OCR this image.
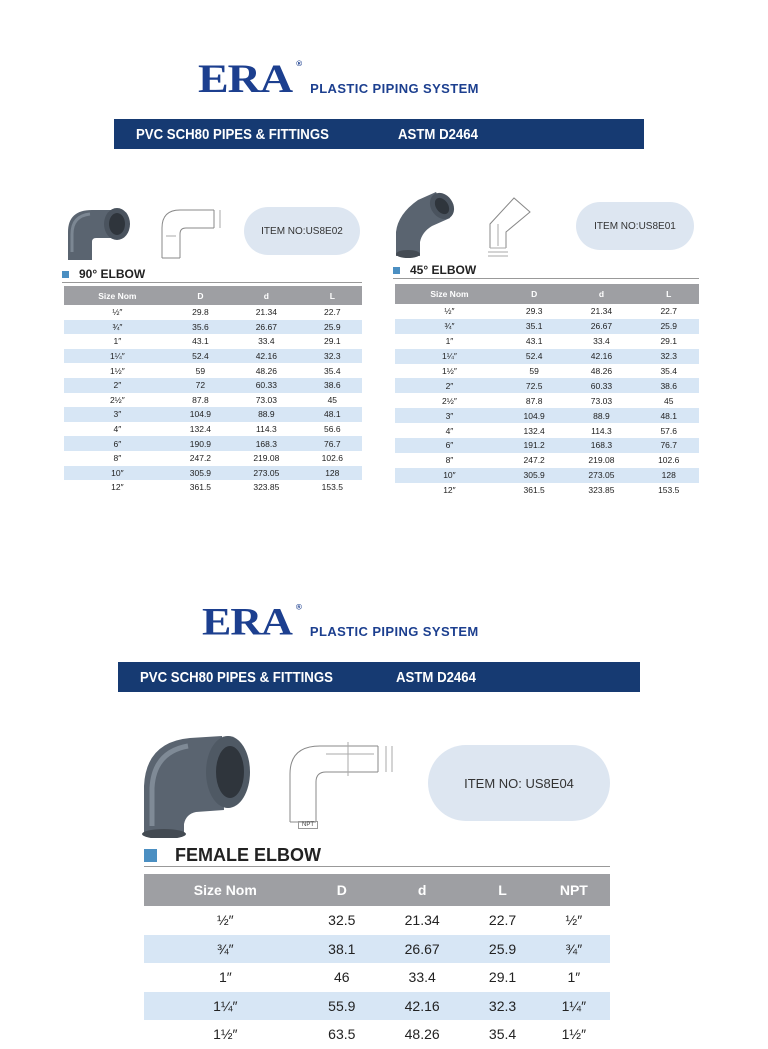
ERA ®
PLASTIC PIPING SYSTEM
PVC SCH80 PIPES & FITTINGS	ASTM D2464
ITEM NO:US8E02
90° ELBOW
Size Nom	D	d	L
½″	29.8	21.34	22.7
¾″	35.6	26.67	25.9
1″	43.1	33.4	29.1
1¼″	52.4	42.16	32.3
1½″	59	48.26	35.4
2″	72	60.33	38.6
2½″	87.8	73.03	45
3″	104.9	88.9	48.1
4″	132.4	114.3	56.6
6″	190.9	168.3	76.7
8″	247.2	219.08	102.6
10″	305.9	273.05	128
12″	361.5	323.85	153.5
ITEM NO:US8E01
45° ELBOW
Size Nom	D	d	L
½″	29.3	21.34	22.7
¾″	35.1	26.67	25.9
1″	43.1	33.4	29.1
1¼″	52.4	42.16	32.3
1½″	59	48.26	35.4
2″	72.5	60.33	38.6
2½″	87.8	73.03	45
3″	104.9	88.9	48.1
4″	132.4	114.3	57.6
6″	191.2	168.3	76.7
8″	247.2	219.08	102.6
10″	305.9	273.05	128
12″	361.5	323.85	153.5
ERA ®
PLASTIC PIPING SYSTEM
PVC SCH80 PIPES & FITTINGS	ASTM D2464
NPT
ITEM NO: US8E04
FEMALE ELBOW
Size Nom	D	d	L	NPT
½″	32.5	21.34	22.7	½″
¾″	38.1	26.67	25.9	¾″
1″	46	33.4	29.1	1″
1¼″	55.9	42.16	32.3	1¼″
1½″	63.5	48.26	35.4	1½″
